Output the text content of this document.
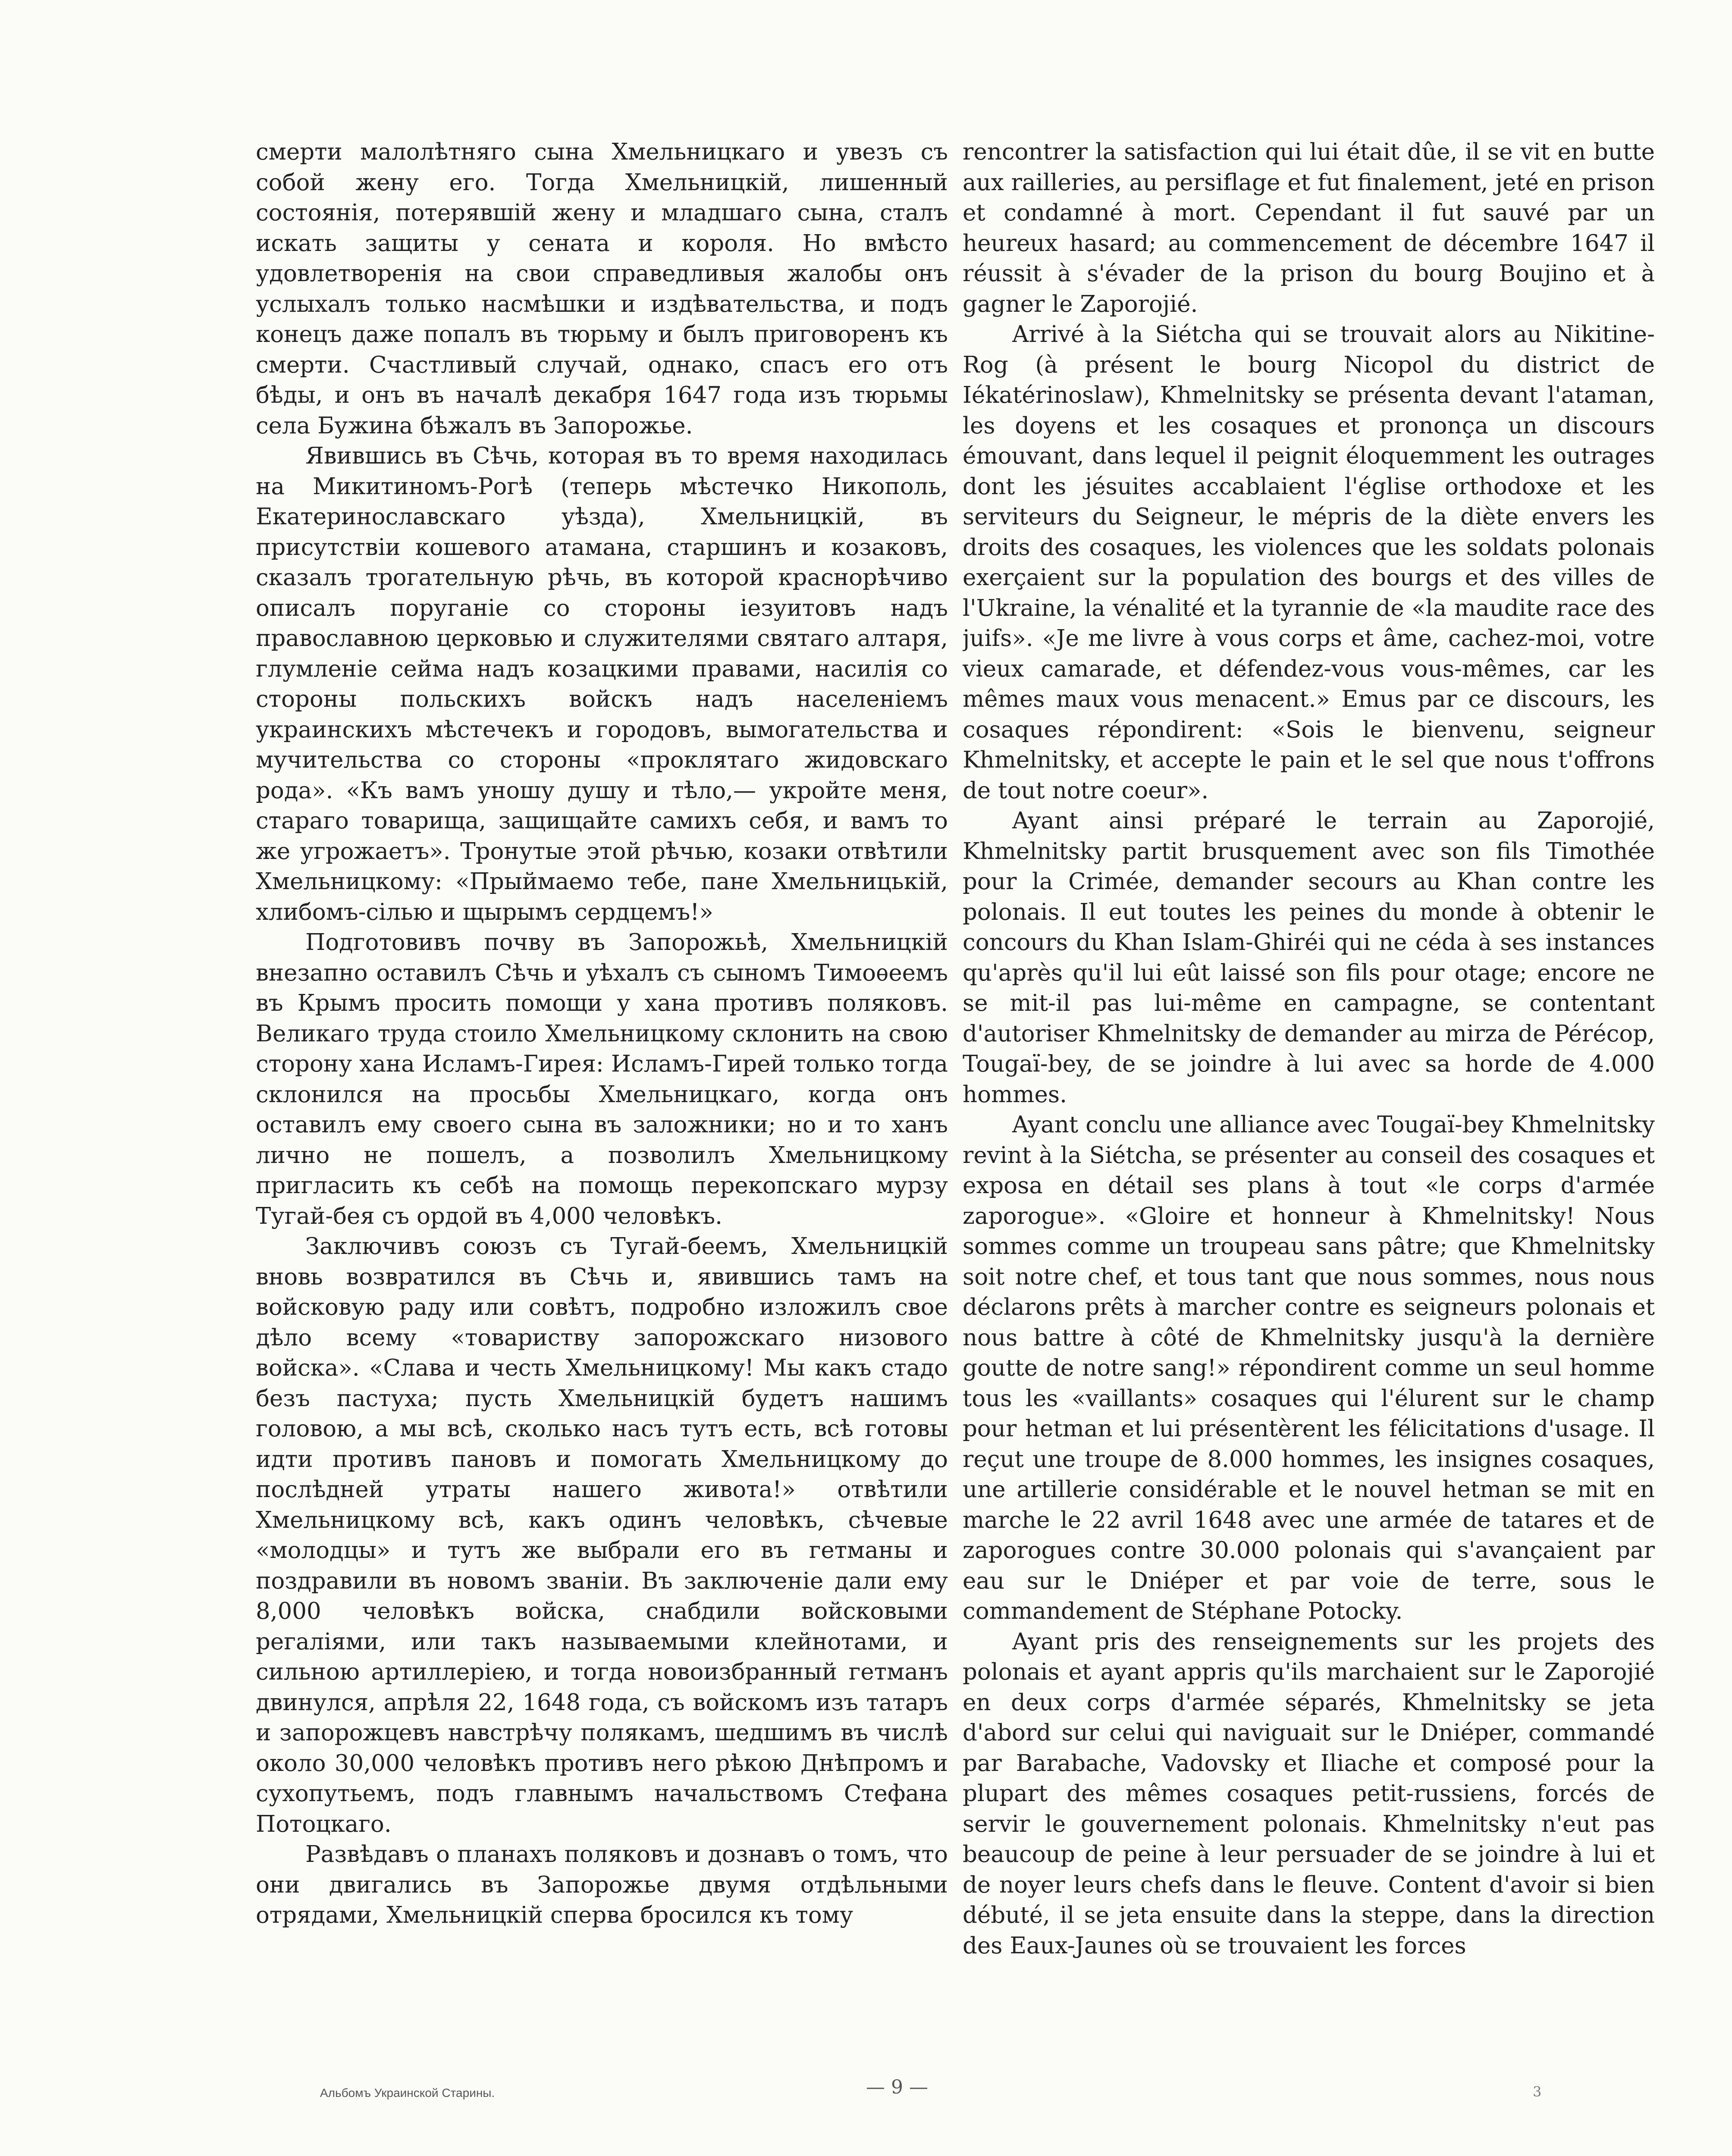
смерти малолѣтняго сына Хмельницкаго и увезъ съ собой жену его. Тогда Хмельницкій, лишенный состоянія, потерявшій жену и младшаго сына, сталъ искать защиты у сената и короля. Но вмѣсто удовлетворенія на свои справедливыя жалобы онъ услыхалъ только насмѣшки и издѣвательства, и подъ конецъ даже попалъ въ тюрьму и былъ приговоренъ къ смерти. Счастливый случай, однако, спасъ его отъ бѣды, и онъ въ началѣ декабря 1647 года изъ тюрьмы села Бужина бѣжалъ въ Запорожье.

Явившись въ Сѣчь, которая въ то время находилась на Микитиномъ-Рогѣ (теперь мѣстечко Никополь, Екатеринославскаго уѣзда), Хмельницкій, въ присутствіи кошевого атамана, старшинъ и козаковъ, сказалъ трогательную рѣчь, въ которой краснорѣчиво описалъ поруганіе со стороны іезуитовъ надъ православною церковью и служителями святаго алтаря, глумленіе сейма надъ козацкими правами, насилія со стороны польскихъ войскъ надъ населеніемъ украинскихъ мѣстечекъ и городовъ, вымогательства и мучительства со стороны «проклятаго жидовскаго рода». «Къ вамъ уношу душу и тѣло,— укройте меня, стараго товарища, защищайте самихъ себя, и вамъ то же угрожаетъ». Тронутые этой рѣчью, козаки отвѣтили Хмельницкому: «Прыймаемо тебе, пане Хмельницькій, хлибомъ-сілью и щырымъ сердцемъ!»

Подготовивъ почву въ Запорожьѣ, Хмельницкій внезапно оставилъ Сѣчь и уѣхалъ съ сыномъ Тимоѳеемъ въ Крымъ просить помощи у хана противъ поляковъ. Великаго труда стоило Хмельницкому склонить на свою сторону хана Исламъ-Гирея: Исламъ-Гирей только тогда склонился на просьбы Хмельницкаго, когда онъ оставилъ ему своего сына въ заложники; но и то ханъ лично не пошелъ, а позволилъ Хмельницкому пригласить къ себѣ на помощь перекопскаго мурзу Тугай-бея съ ордой въ 4,000 человѣкъ.

Заключивъ союзъ съ Тугай-беемъ, Хмельницкій вновь возвратился въ Сѣчь и, явившись тамъ на войсковую раду или совѣтъ, подробно изложилъ свое дѣло всему «товариству запорожскаго низового войска». «Слава и честь Хмельницкому! Мы какъ стадо безъ пастуха; пусть Хмельницкій будетъ нашимъ головою, а мы всѣ, сколько насъ тутъ есть, всѣ готовы идти противъ пановъ и помогать Хмельницкому до послѣдней утраты нашего живота!» отвѣтили Хмельницкому всѣ, какъ одинъ человѣкъ, сѣчевые «молодцы» и тутъ же выбрали его въ гетманы и поздравили въ новомъ званіи. Въ заключеніе дали ему 8,000 человѣкъ войска, снабдили войсковыми регаліями, или такъ называемыми клейнотами, и сильною артиллеріею, и тогда новоизбранный гетманъ двинулся, апрѣля 22, 1648 года, съ войскомъ изъ татаръ и запорожцевъ навстрѣчу полякамъ, шедшимъ въ числѣ около 30,000 человѣкъ противъ него рѣкою Днѣпромъ и сухопутьемъ, подъ главнымъ начальствомъ Стефана Потоцкаго.

Развѣдавъ о планахъ поляковъ и дознавъ о томъ, что они двигались въ Запорожье двумя отдѣльными отрядами, Хмельницкій сперва бросился къ тому

rencontrer la satisfaction qui lui était dûe, il se vit en butte aux railleries, au persiflage et fut finalement, jeté en prison et condamné à mort. Cependant il fut sauvé par un heureux hasard; au commencement de décembre 1647 il réussit à s'évader de la prison du bourg Boujino et à gagner le Zaporojié.

Arrivé à la Siétcha qui se trouvait alors au Nikitine-Rog (à présent le bourg Nicopol du district de Iékatérinoslaw), Khmelnitsky se présenta devant l'ataman, les doyens et les cosaques et prononça un discours émouvant, dans lequel il peignit éloquemment les outrages dont les jésuites accablaient l'église orthodoxe et les serviteurs du Seigneur, le mépris de la diète envers les droits des cosaques, les violences que les soldats polonais exerçaient sur la population des bourgs et des villes de l'Ukraine, la vénalité et la tyrannie de «la maudite race des juifs». «Je me livre à vous corps et âme, cachez-moi, votre vieux camarade, et défendez-vous vous-mêmes, car les mêmes maux vous menacent.» Emus par ce discours, les cosaques répondirent: «Sois le bienvenu, seigneur Khmelnitsky, et accepte le pain et le sel que nous t'offrons de tout notre coeur».

Ayant ainsi préparé le terrain au Zaporojié, Khmelnitsky partit brusquement avec son fils Timothée pour la Crimée, demander secours au Khan contre les polonais. Il eut toutes les peines du monde à obtenir le concours du Khan Islam-Ghiréi qui ne céda à ses instances qu'après qu'il lui eût laissé son fils pour otage; encore ne se mit-il pas lui-même en campagne, se contentant d'autoriser Khmelnitsky de demander au mirza de Pérécop, Tougaï-bey, de se joindre à lui avec sa horde de 4.000 hommes.

Ayant conclu une alliance avec Tougaï-bey Khmelnitsky revint à la Siétcha, se présenter au conseil des cosaques et exposa en détail ses plans à tout «le corps d'armée zaporogue». «Gloire et honneur à Khmelnitsky! Nous sommes comme un troupeau sans pâtre; que Khmelnitsky soit notre chef, et tous tant que nous sommes, nous nous déclarons prêts à marcher contre es seigneurs polonais et nous battre à côté de Khmelnitsky jusqu'à la dernière goutte de notre sang!» répondirent comme un seul homme tous les «vaillants» cosaques qui l'élurent sur le champ pour hetman et lui présentèrent les félicitations d'usage. Il reçut une troupe de 8.000 hommes, les insignes cosaques, une artillerie considérable et le nouvel hetman se mit en marche le 22 avril 1648 avec une armée de tatares et de zaporogues contre 30.000 polonais qui s'avançaient par eau sur le Dniéper et par voie de terre, sous le commandement de Stéphane Potocky.

Ayant pris des renseignements sur les projets des polonais et ayant appris qu'ils marchaient sur le Zaporojié en deux corps d'armée séparés, Khmelnitsky se jeta d'abord sur celui qui naviguait sur le Dniéper, commandé par Barabache, Vadovsky et Iliache et composé pour la plupart des mêmes cosaques petit-russiens, forcés de servir le gouvernement polonais. Khmelnitsky n'eut pas beaucoup de peine à leur persuader de se joindre à lui et de noyer leurs chefs dans le fleuve. Content d'avoir si bien débuté, il se jeta ensuite dans la steppe, dans la direction des Eaux-Jaunes où se trouvaient les forces

Альбомъ Украинской Старины.	— 9 —	3
